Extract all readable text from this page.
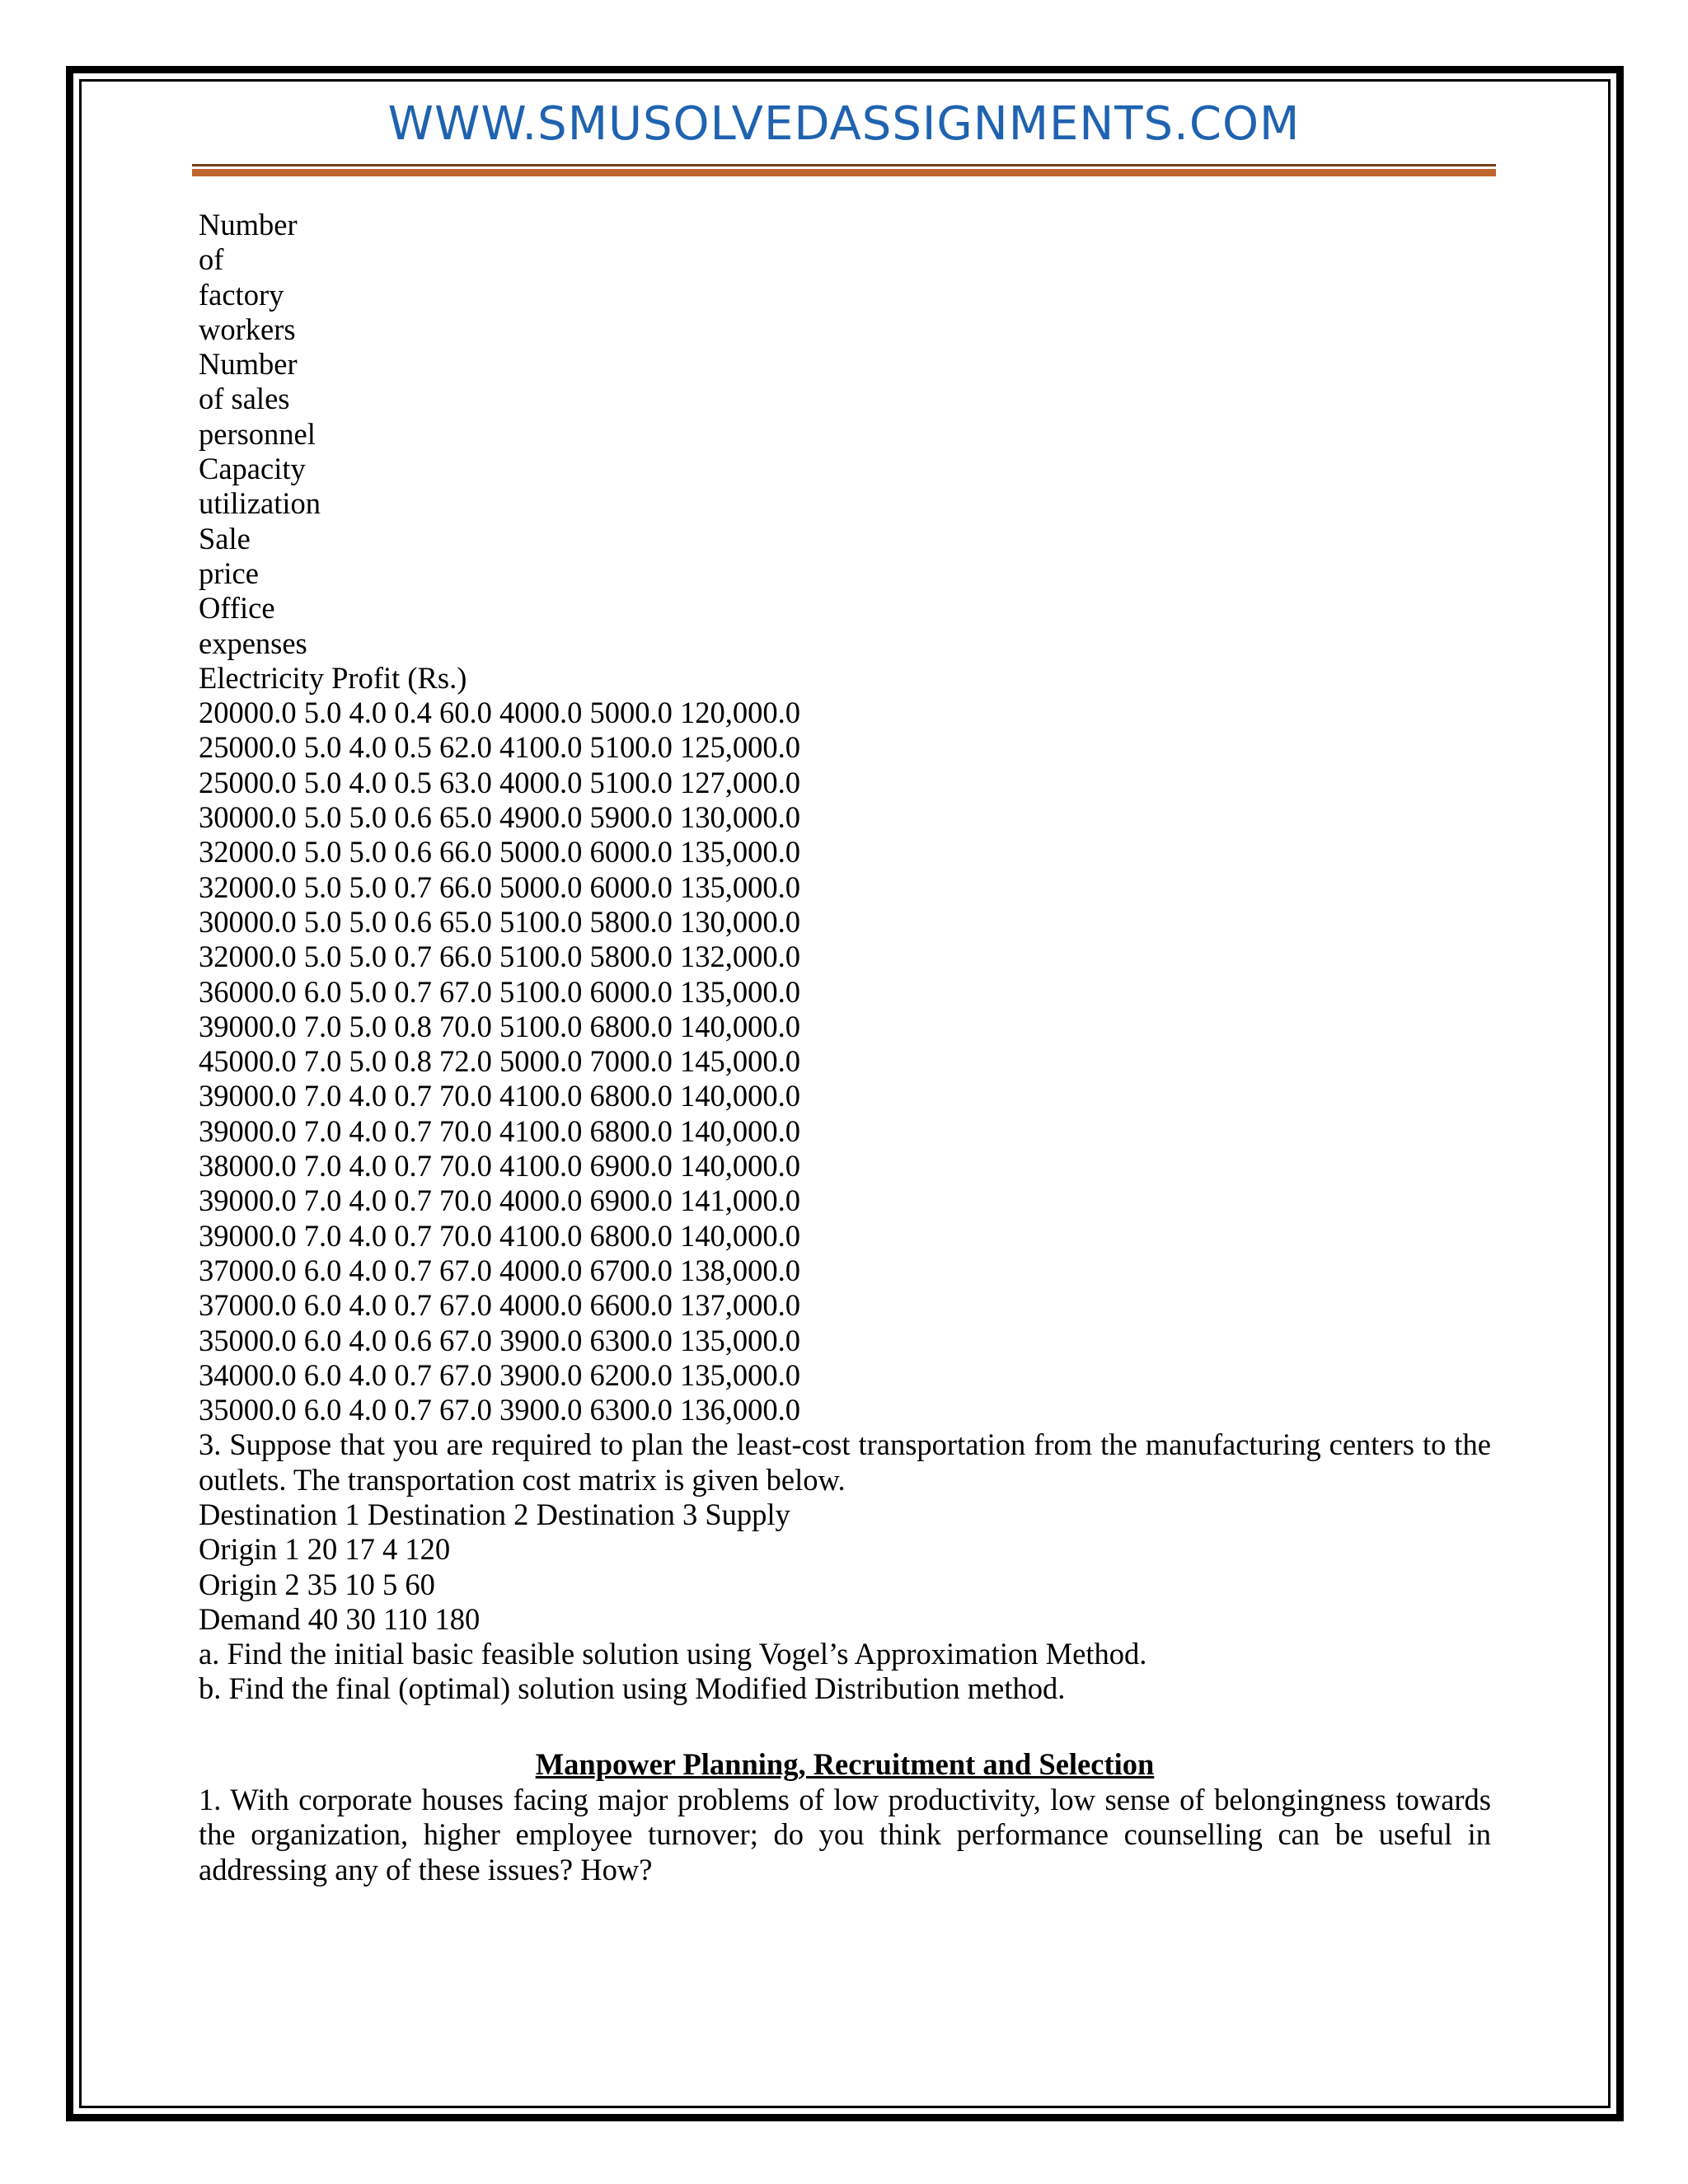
WWW.SMUSOLVEDASSIGNMENTS.COM
Number
of
factory
workers
Number
of sales
personnel
Capacity
utilization
Sale
price
Office
expenses
Electricity Profit (Rs.)
20000.0 5.0 4.0 0.4 60.0 4000.0 5000.0 120,000.0
25000.0 5.0 4.0 0.5 62.0 4100.0 5100.0 125,000.0
25000.0 5.0 4.0 0.5 63.0 4000.0 5100.0 127,000.0
30000.0 5.0 5.0 0.6 65.0 4900.0 5900.0 130,000.0
32000.0 5.0 5.0 0.6 66.0 5000.0 6000.0 135,000.0
32000.0 5.0 5.0 0.7 66.0 5000.0 6000.0 135,000.0
30000.0 5.0 5.0 0.6 65.0 5100.0 5800.0 130,000.0
32000.0 5.0 5.0 0.7 66.0 5100.0 5800.0 132,000.0
36000.0 6.0 5.0 0.7 67.0 5100.0 6000.0 135,000.0
39000.0 7.0 5.0 0.8 70.0 5100.0 6800.0 140,000.0
45000.0 7.0 5.0 0.8 72.0 5000.0 7000.0 145,000.0
39000.0 7.0 4.0 0.7 70.0 4100.0 6800.0 140,000.0
39000.0 7.0 4.0 0.7 70.0 4100.0 6800.0 140,000.0
38000.0 7.0 4.0 0.7 70.0 4100.0 6900.0 140,000.0
39000.0 7.0 4.0 0.7 70.0 4000.0 6900.0 141,000.0
39000.0 7.0 4.0 0.7 70.0 4100.0 6800.0 140,000.0
37000.0 6.0 4.0 0.7 67.0 4000.0 6700.0 138,000.0
37000.0 6.0 4.0 0.7 67.0 4000.0 6600.0 137,000.0
35000.0 6.0 4.0 0.6 67.0 3900.0 6300.0 135,000.0
34000.0 6.0 4.0 0.7 67.0 3900.0 6200.0 135,000.0
35000.0 6.0 4.0 0.7 67.0 3900.0 6300.0 136,000.0
3. Suppose that you are required to plan the least-cost transportation from the manufacturing centers to the outlets. The transportation cost matrix is given below.
Destination 1 Destination 2 Destination 3 Supply
Origin 1 20 17 4 120
Origin 2 35 10 5 60
Demand 40 30 110 180
a. Find the initial basic feasible solution using Vogel’s Approximation Method.
b. Find the final (optimal) solution using Modified Distribution method.
Manpower Planning, Recruitment and Selection
1. With corporate houses facing major problems of low productivity, low sense of belongingness towards the organization, higher employee turnover; do you think performance counselling can be useful in addressing any of these issues? How?
